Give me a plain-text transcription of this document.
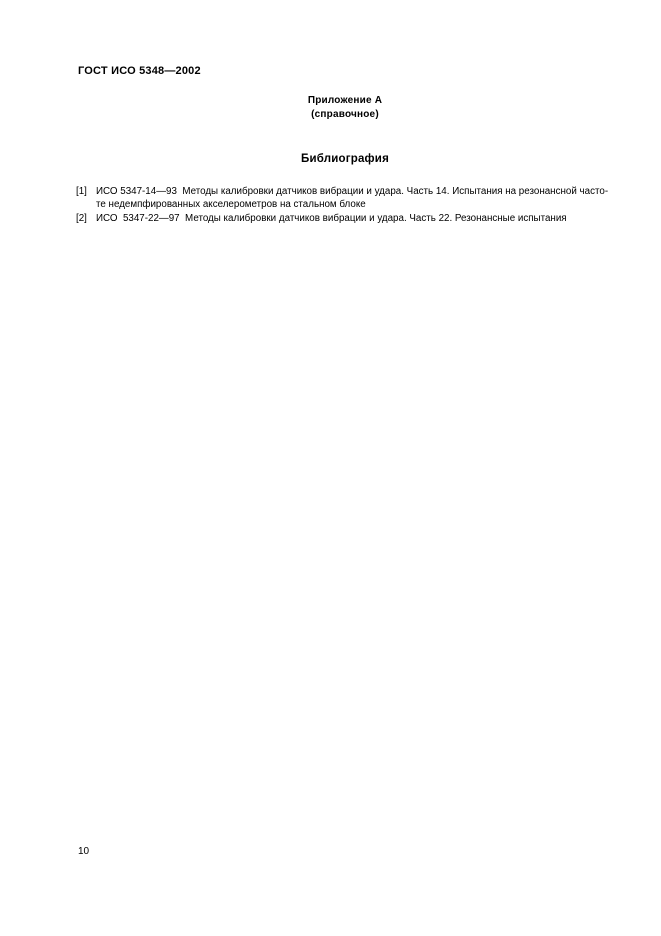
ГОСТ ИСО 5348—2002
Приложение А
(справочное)
Библиография
[1] ИСО 5347-14—93  Методы калибровки датчиков вибрации и удара. Часть 14. Испытания на резонансной часто-
те недемпфированных акселерометров на стальном блоке
[2] ИСО  5347-22—97  Методы калибровки датчиков вибрации и удара. Часть 22. Резонансные испытания
10
